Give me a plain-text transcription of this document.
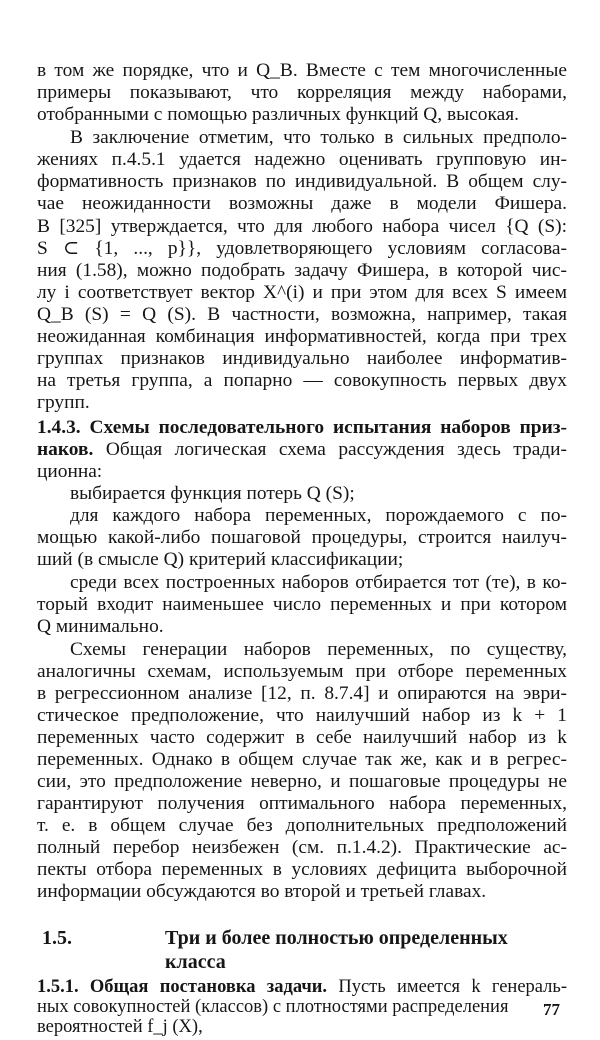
в том же порядке, что и Q_B. Вместе с тем многочисленные
примеры показывают, что корреляция между наборами,
отобранными с помощью различных функций Q, высокая.
В заключение отметим, что только в сильных предполо-
жениях п.4.5.1 удается надежно оценивать групповую ин-
формативность признаков по индивидуальной. В общем слу-
чае неожиданности возможны даже в модели Фишера.
В [325] утверждается, что для любого набора чисел {Q (S):
S ⊂ {1, ..., p}}, удовлетворяющего условиям согласова-
ния (1.58), можно подобрать задачу Фишера, в которой чис-
лу i соответствует вектор X^(i) и при этом для всех S имеем
Q_B (S) = Q (S). В частности, возможна, например, такая
неожиданная комбинация информативностей, когда при трех
группах признаков индивидуально наиболее информатив-
на третья группа, а попарно — совокупность первых двух
групп.
1.4.3. Схемы последовательного испытания наборов приз-
наков. Общая логическая схема рассуждения здесь тради-
ционна:
выбирается функция потерь Q (S);
для каждого набора переменных, порождаемого с по-
мощью какой-либо пошаговой процедуры, строится наилуч-
ший (в смысле Q) критерий классификации;
среди всех построенных наборов отбирается тот (те), в ко-
торый входит наименьшее число переменных и при котором
Q минимально.
Схемы генерации наборов переменных, по существу,
аналогичны схемам, используемым при отборе переменных
в регрессионном анализе [12, п. 8.7.4] и опираются на эври-
стическое предположение, что наилучший набор из k + 1
переменных часто содержит в себе наилучший набор из k
переменных. Однако в общем случае так же, как и в регрес-
сии, это предположение неверно, и пошаговые процедуры не
гарантируют получения оптимального набора переменных,
т. е. в общем случае без дополнительных предположений
полный перебор неизбежен (см. п.1.4.2). Практические ас-
пекты отбора переменных в условиях дефицита выборочной
информации обсуждаются во второй и третьей главах.
1.5.	Три и более полностью определенных
класса
1.5.1. Общая постановка задачи. Пусть имеется k генераль-
ных совокупностей (классов) с плотностями распределения
вероятностей f_j (X),
77
